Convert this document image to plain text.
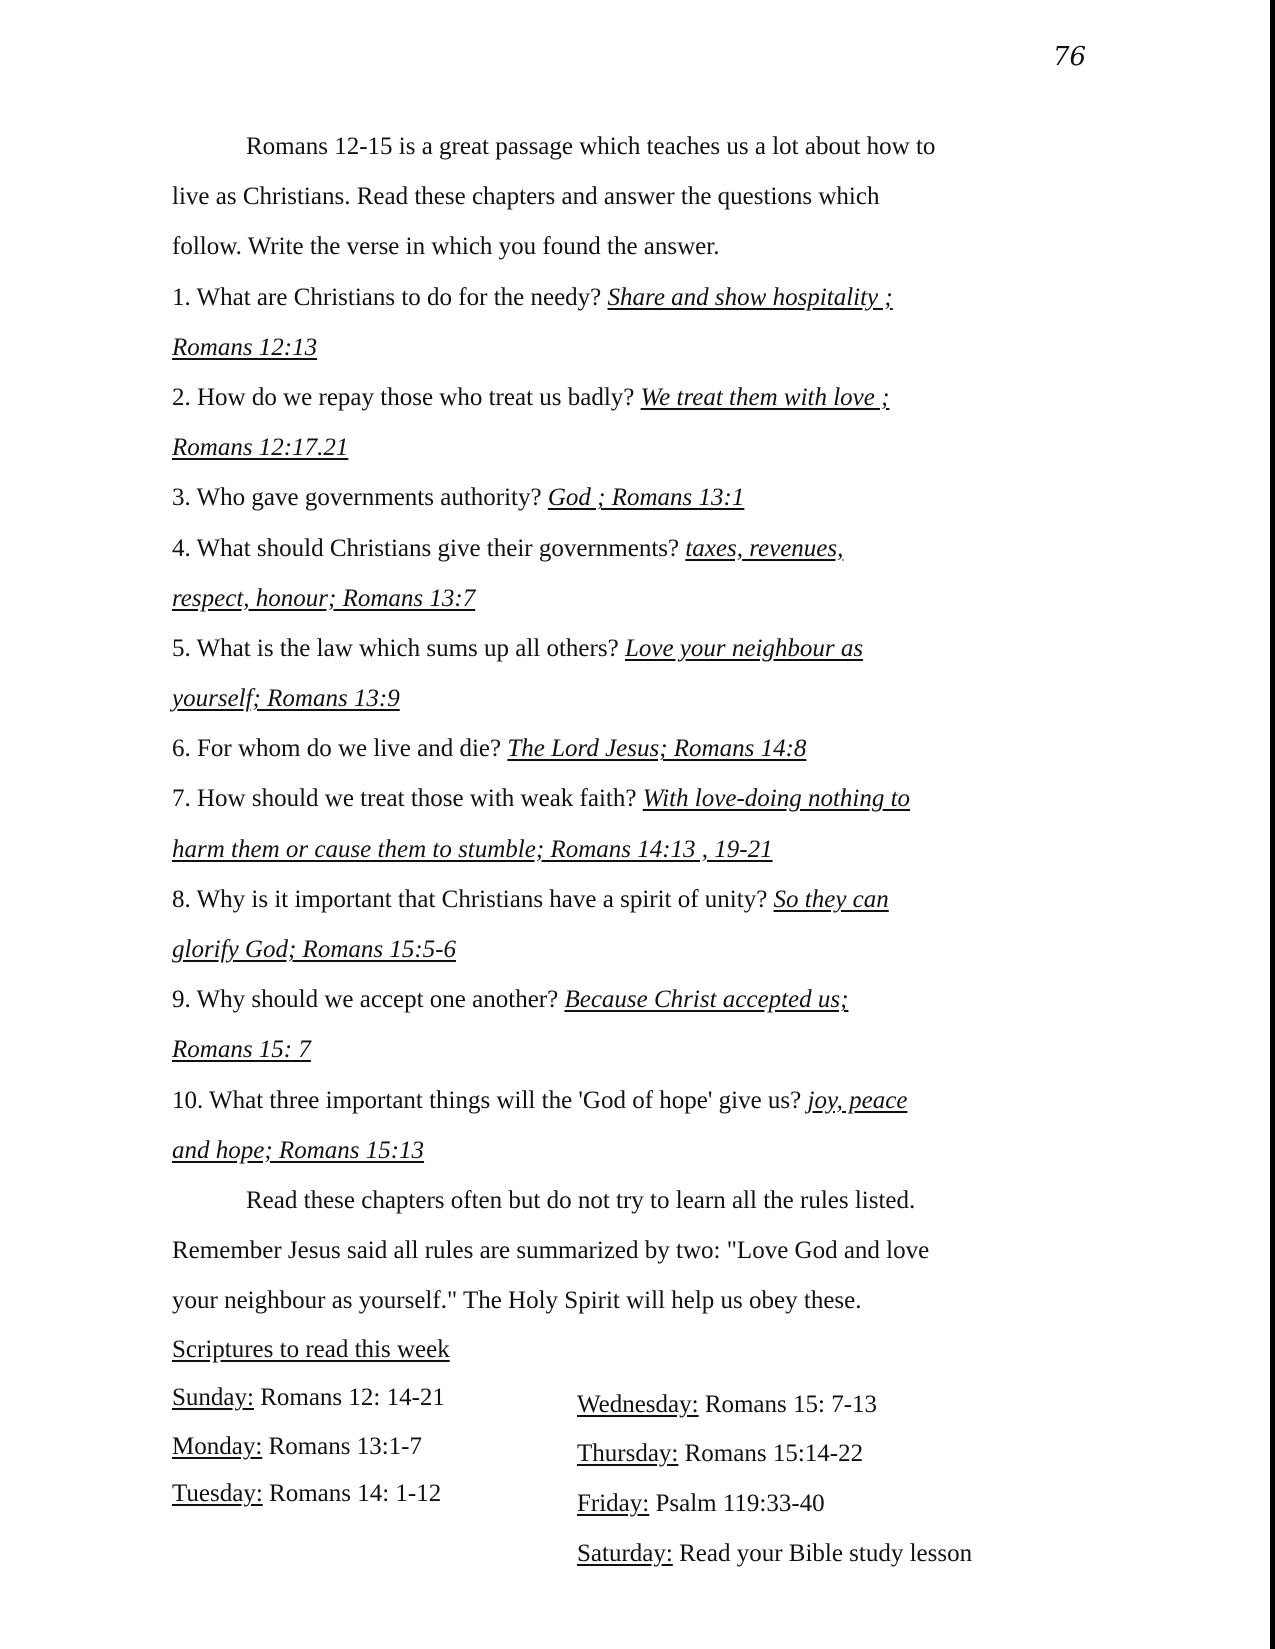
76
Romans 12-15 is a great passage which teaches us a lot about how to
live as Christians. Read these chapters and answer the questions which
follow. Write the verse in which you found the answer.
1. What are Christians to do for the needy? Share and show hospitality ;
Romans 12:13
2. How do we repay those who treat us badly? We treat them with love ;
Romans 12:17.21
3. Who gave governments authority? God ; Romans 13:1
4. What should Christians give their governments? taxes, revenues,
respect, honour; Romans 13:7
5. What is the law which sums up all others? Love your neighbour as
yourself; Romans 13:9
6. For whom do we live and die? The Lord Jesus; Romans 14:8
7. How should we treat those with weak faith? With love-doing nothing to
harm them or cause them to stumble; Romans 14:13 , 19-21
8. Why is it important that Christians have a spirit of unity? So they can
glorify God; Romans 15:5-6
9. Why should we accept one another? Because Christ accepted us;
Romans 15: 7
10. What three important things will the 'God of hope' give us? joy, peace
and hope; Romans 15:13
Read these chapters often but do not try to learn all the rules listed.
Remember Jesus said all rules are summarized by two: "Love God and love
your neighbour as yourself." The Holy Spirit will help us obey these.
Scriptures to read this week
Sunday: Romans 12: 14-21
Monday: Romans 13:1-7
Tuesday: Romans 14: 1-12
Wednesday: Romans 15: 7-13
Thursday: Romans 15:14-22
Friday: Psalm 119:33-40
Saturday: Read your Bible study lesson
